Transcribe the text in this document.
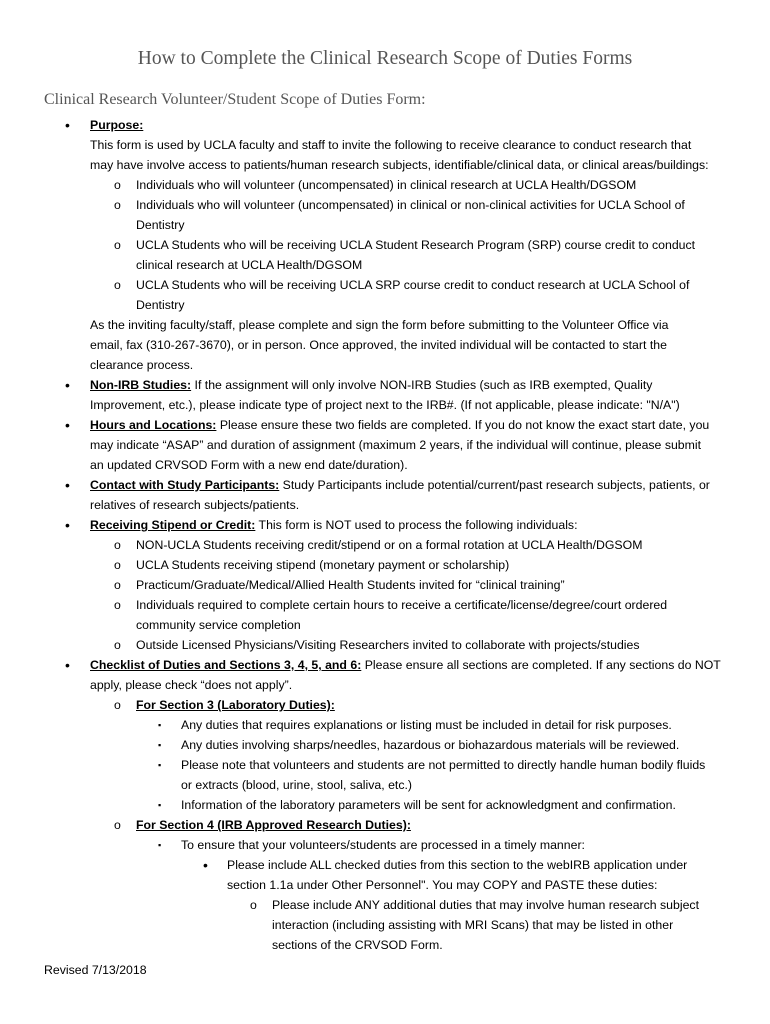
How to Complete the Clinical Research Scope of Duties Forms
Clinical Research Volunteer/Student Scope of Duties Form:
• Purpose:
This form is used by UCLA faculty and staff to invite the following to receive clearance to conduct research that
may have involve access to patients/human research subjects, identifiable/clinical data, or clinical areas/buildings:
o Individuals who will volunteer (uncompensated) in clinical research at UCLA Health/DGSOM
o Individuals who will volunteer (uncompensated) in clinical or non-clinical activities for UCLA School of
Dentistry
o UCLA Students who will be receiving UCLA Student Research Program (SRP) course credit to conduct
clinical research at UCLA Health/DGSOM
o UCLA Students who will be receiving UCLA SRP course credit to conduct research at UCLA School of
Dentistry
As the inviting faculty/staff, please complete and sign the form before submitting to the Volunteer Office via
email, fax (310-267-3670), or in person. Once approved, the invited individual will be contacted to start the
clearance process.
• Non-IRB Studies: If the assignment will only involve NON-IRB Studies (such as IRB exempted, Quality
Improvement, etc.), please indicate type of project next to the IRB#. (If not applicable, please indicate: "N/A")
• Hours and Locations: Please ensure these two fields are completed. If you do not know the exact start date, you
may indicate “ASAP” and duration of assignment (maximum 2 years, if the individual will continue, please submit
an updated CRVSOD Form with a new end date/duration).
• Contact with Study Participants: Study Participants include potential/current/past research subjects, patients, or
relatives of research subjects/patients.
• Receiving Stipend or Credit: This form is NOT used to process the following individuals:
o NON-UCLA Students receiving credit/stipend or on a formal rotation at UCLA Health/DGSOM
o UCLA Students receiving stipend (monetary payment or scholarship)
o Practicum/Graduate/Medical/Allied Health Students invited for “clinical training”
o Individuals required to complete certain hours to receive a certificate/license/degree/court ordered
community service completion
o Outside Licensed Physicians/Visiting Researchers invited to collaborate with projects/studies
• Checklist of Duties and Sections 3, 4, 5, and 6: Please ensure all sections are completed. If any sections do NOT
apply, please check “does not apply”.
o For Section 3 (Laboratory Duties):
▪ Any duties that requires explanations or listing must be included in detail for risk purposes.
▪ Any duties involving sharps/needles, hazardous or biohazardous materials will be reviewed.
▪ Please note that volunteers and students are not permitted to directly handle human bodily fluids
or extracts (blood, urine, stool, saliva, etc.)
▪ Information of the laboratory parameters will be sent for acknowledgment and confirmation.
o For Section 4 (IRB Approved Research Duties):
▪ To ensure that your volunteers/students are processed in a timely manner:
• Please include ALL checked duties from this section to the webIRB application under
section 1.1a under Other Personnel". You may COPY and PASTE these duties:
o Please include ANY additional duties that may involve human research subject
interaction (including assisting with MRI Scans) that may be listed in other
sections of the CRVSOD Form.
Revised 7/13/2018
